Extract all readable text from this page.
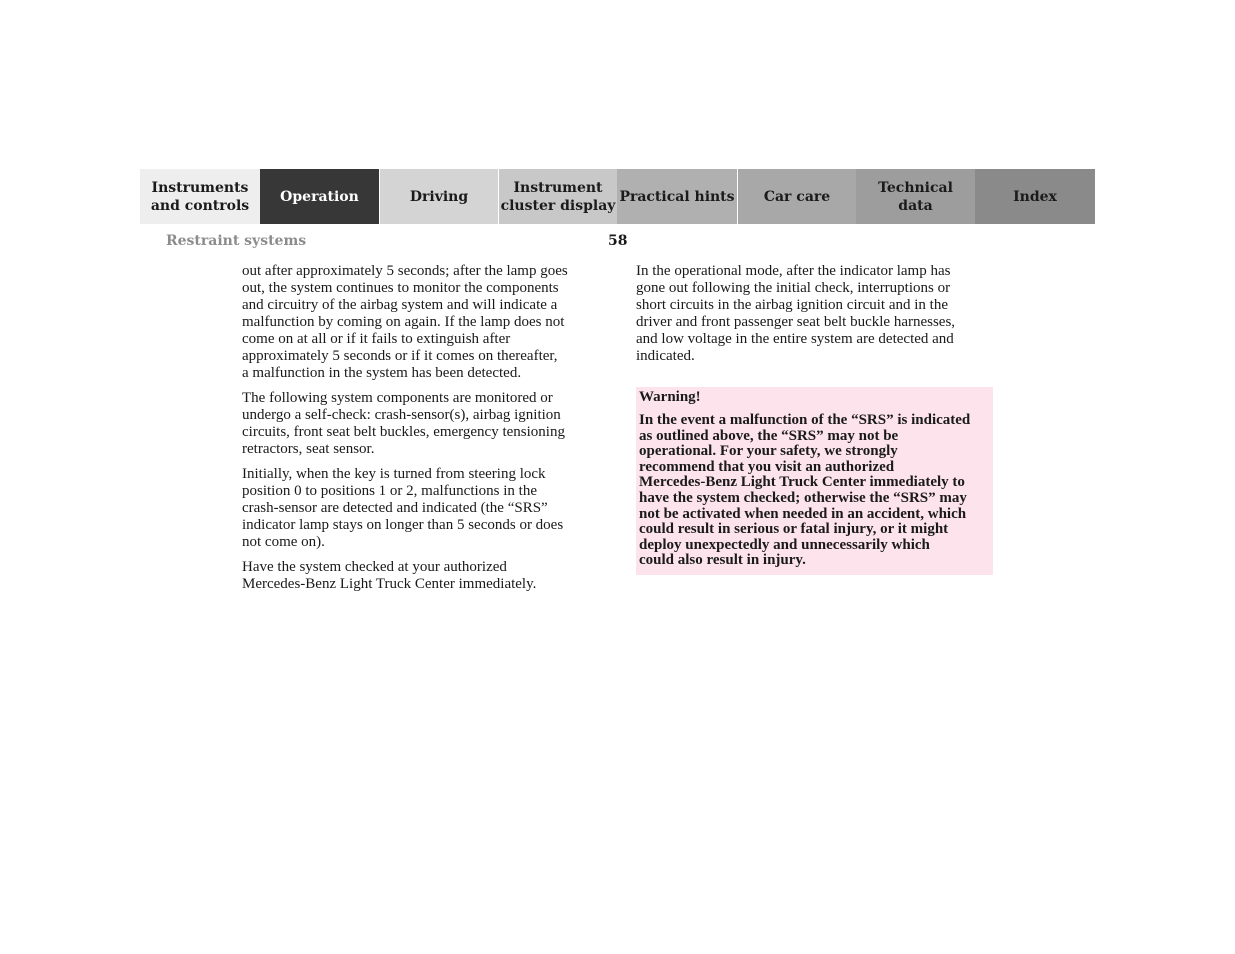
Instruments
and controls
Operation	Driving
Instrument
cluster display
Practical hints	Car care
Technical
data
Index
Restraint systems	58

out after approximately 5 seconds; after the lamp goes
out, the system continues to monitor the components
and circuitry of the airbag system and will indicate a
malfunction by coming on again. If the lamp does not
come on at all or if it fails to extinguish after
approximately 5 seconds or if it comes on thereafter,
a malfunction in the system has been detected.

The following system components are monitored or
undergo a self-check: crash-sensor(s), airbag ignition
circuits, front seat belt buckles, emergency tensioning
retractors, seat sensor.

Initially, when the key is turned from steering lock
position 0 to positions 1 or 2, malfunctions in the
crash-sensor are detected and indicated (the “SRS”
indicator lamp stays on longer than 5 seconds or does
not come on).

Have the system checked at your authorized
Mercedes-Benz Light Truck Center immediately.

In the operational mode, after the indicator lamp has
gone out following the initial check, interruptions or
short circuits in the airbag ignition circuit and in the
driver and front passenger seat belt buckle harnesses,
and low voltage in the entire system are detected and
indicated.

Warning!

In the event a malfunction of the “SRS” is indicated
as outlined above, the “SRS” may not be
operational. For your safety, we strongly
recommend that you visit an authorized
Mercedes-Benz Light Truck Center immediately to
have the system checked; otherwise the “SRS” may
not be activated when needed in an accident, which
could result in serious or fatal injury, or it might
deploy unexpectedly and unnecessarily which
could also result in injury.
